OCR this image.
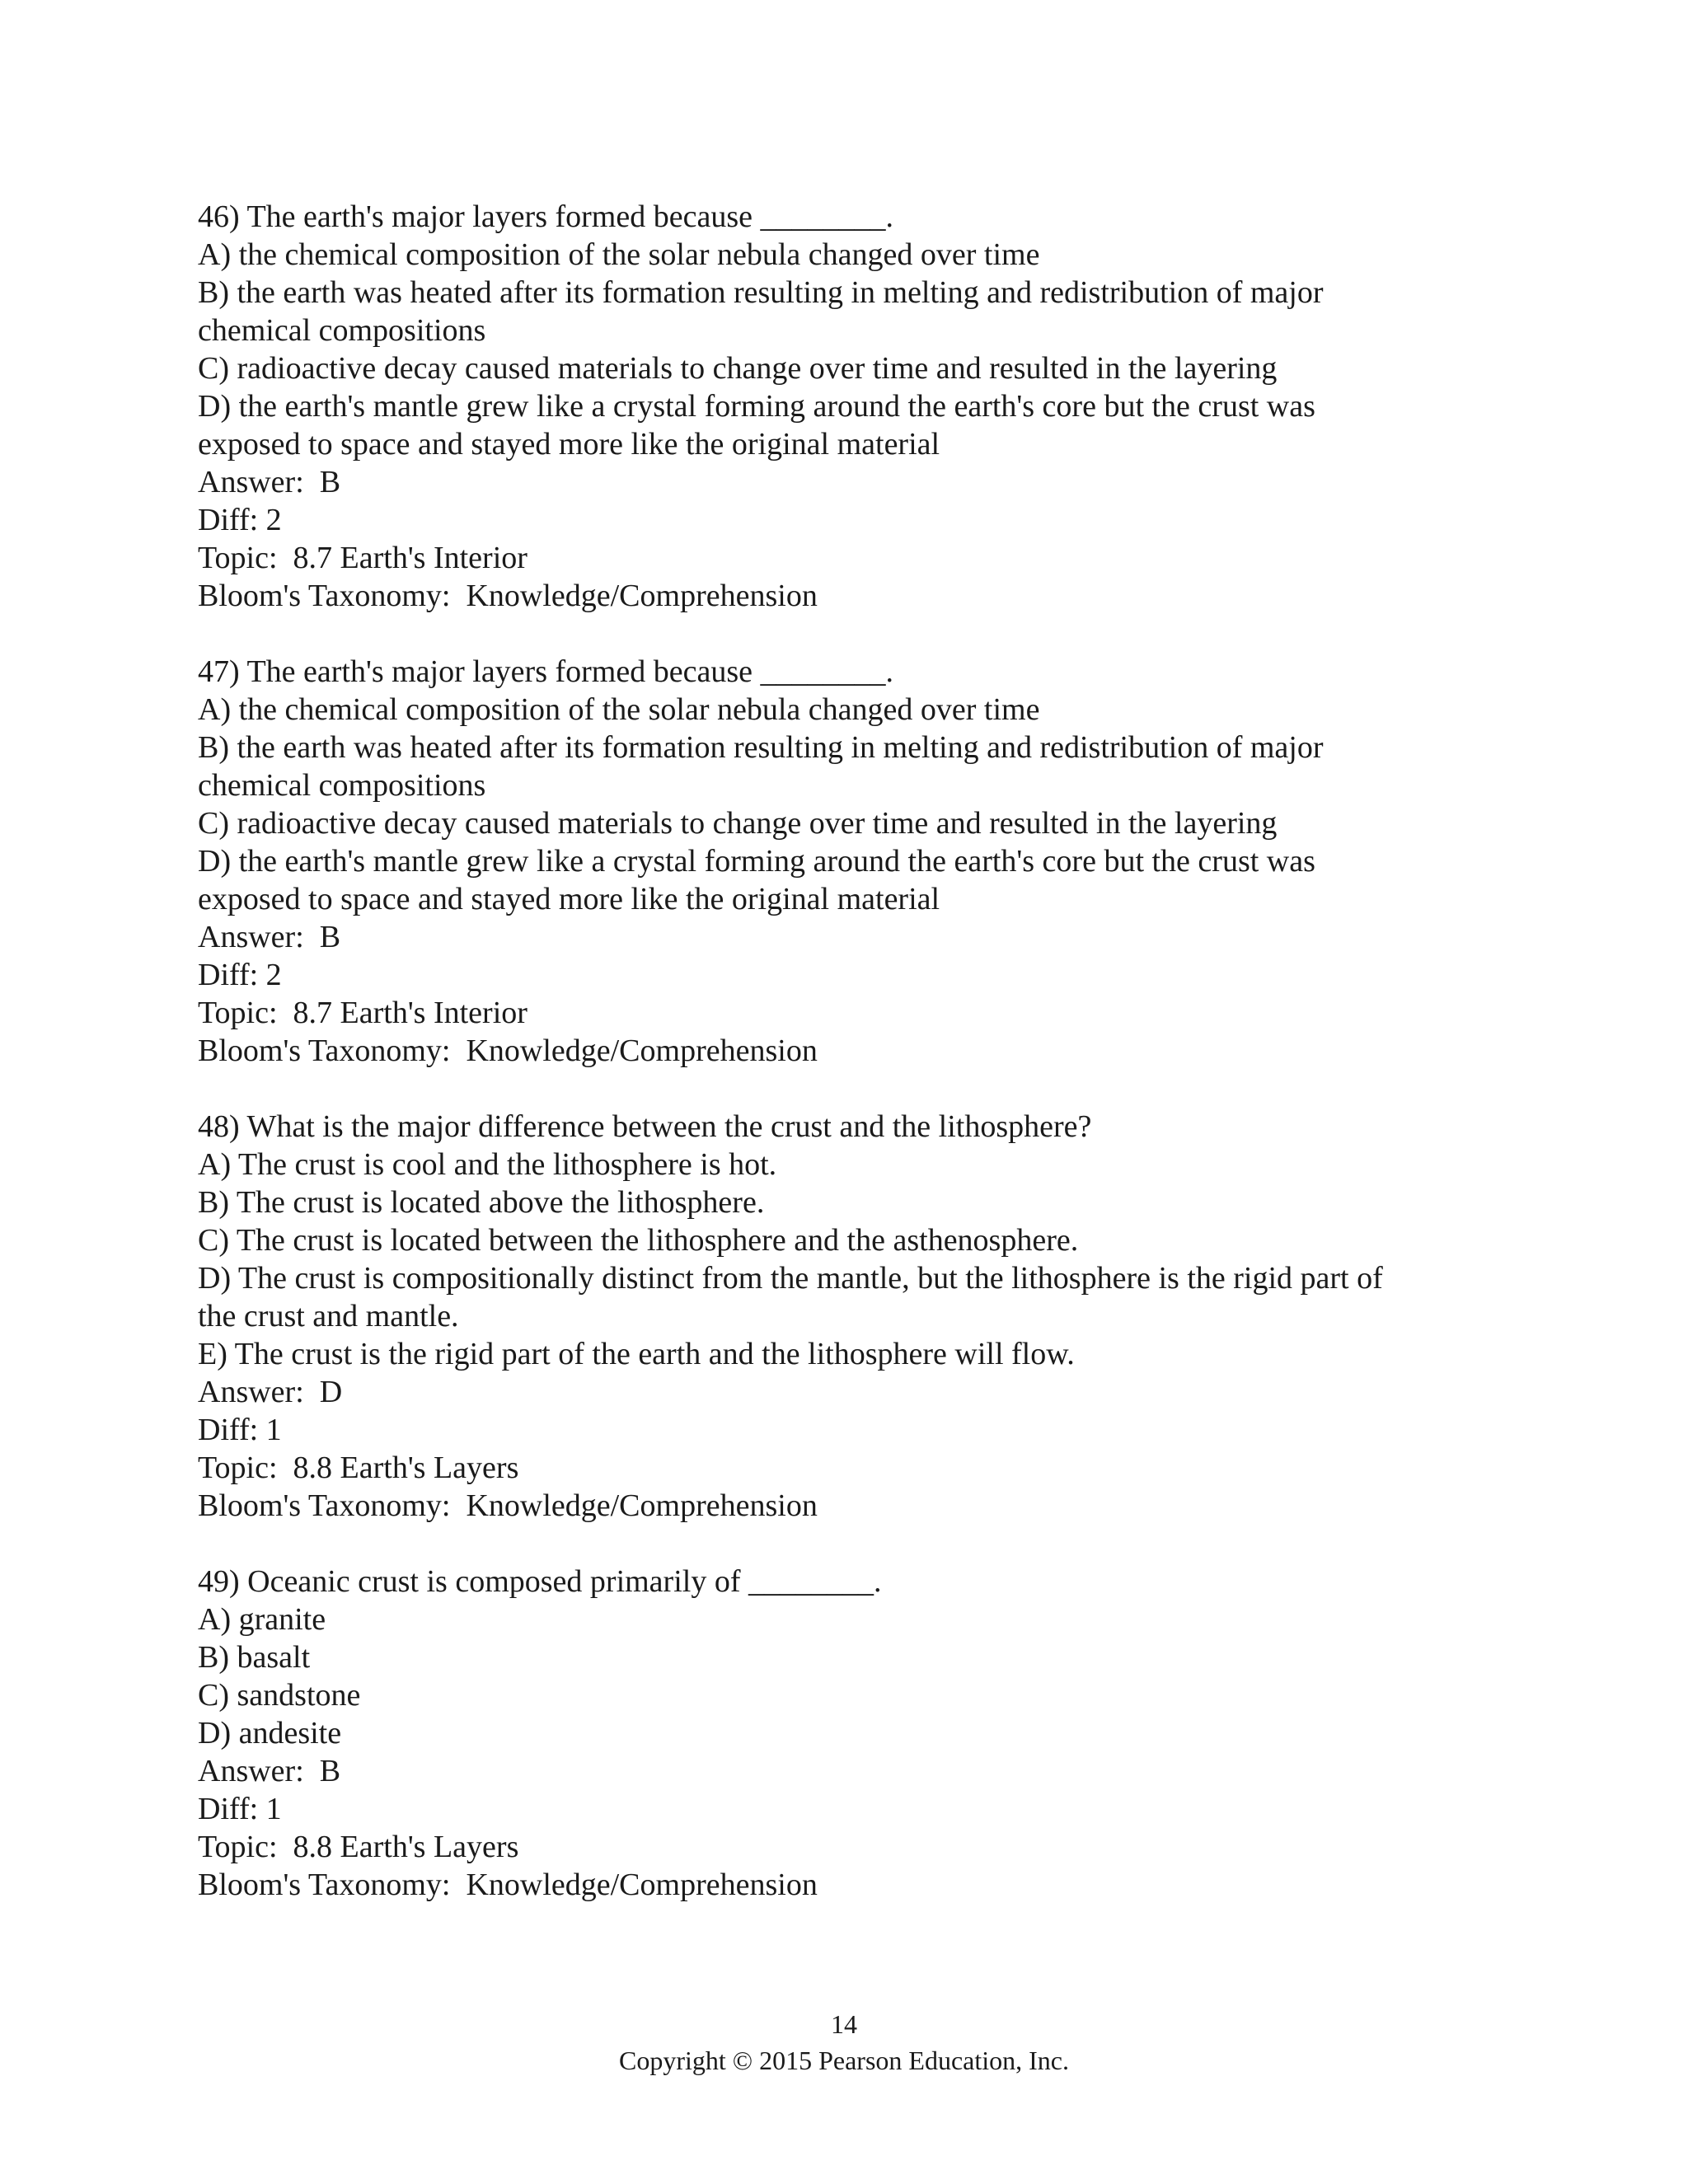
46) The earth's major layers formed because ________.
A) the chemical composition of the solar nebula changed over time
B) the earth was heated after its formation resulting in melting and redistribution of major
chemical compositions
C) radioactive decay caused materials to change over time and resulted in the layering
D) the earth's mantle grew like a crystal forming around the earth's core but the crust was
exposed to space and stayed more like the original material
Answer:  B
Diff: 2
Topic:  8.7 Earth's Interior
Bloom's Taxonomy:  Knowledge/Comprehension
47) The earth's major layers formed because ________.
A) the chemical composition of the solar nebula changed over time
B) the earth was heated after its formation resulting in melting and redistribution of major
chemical compositions
C) radioactive decay caused materials to change over time and resulted in the layering
D) the earth's mantle grew like a crystal forming around the earth's core but the crust was
exposed to space and stayed more like the original material
Answer:  B
Diff: 2
Topic:  8.7 Earth's Interior
Bloom's Taxonomy:  Knowledge/Comprehension
48) What is the major difference between the crust and the lithosphere?
A) The crust is cool and the lithosphere is hot.
B) The crust is located above the lithosphere.
C) The crust is located between the lithosphere and the asthenosphere.
D) The crust is compositionally distinct from the mantle, but the lithosphere is the rigid part of
the crust and mantle.
E) The crust is the rigid part of the earth and the lithosphere will flow.
Answer:  D
Diff: 1
Topic:  8.8 Earth's Layers
Bloom's Taxonomy:  Knowledge/Comprehension
49) Oceanic crust is composed primarily of ________.
A) granite
B) basalt
C) sandstone
D) andesite
Answer:  B
Diff: 1
Topic:  8.8 Earth's Layers
Bloom's Taxonomy:  Knowledge/Comprehension
14
Copyright © 2015 Pearson Education, Inc.
